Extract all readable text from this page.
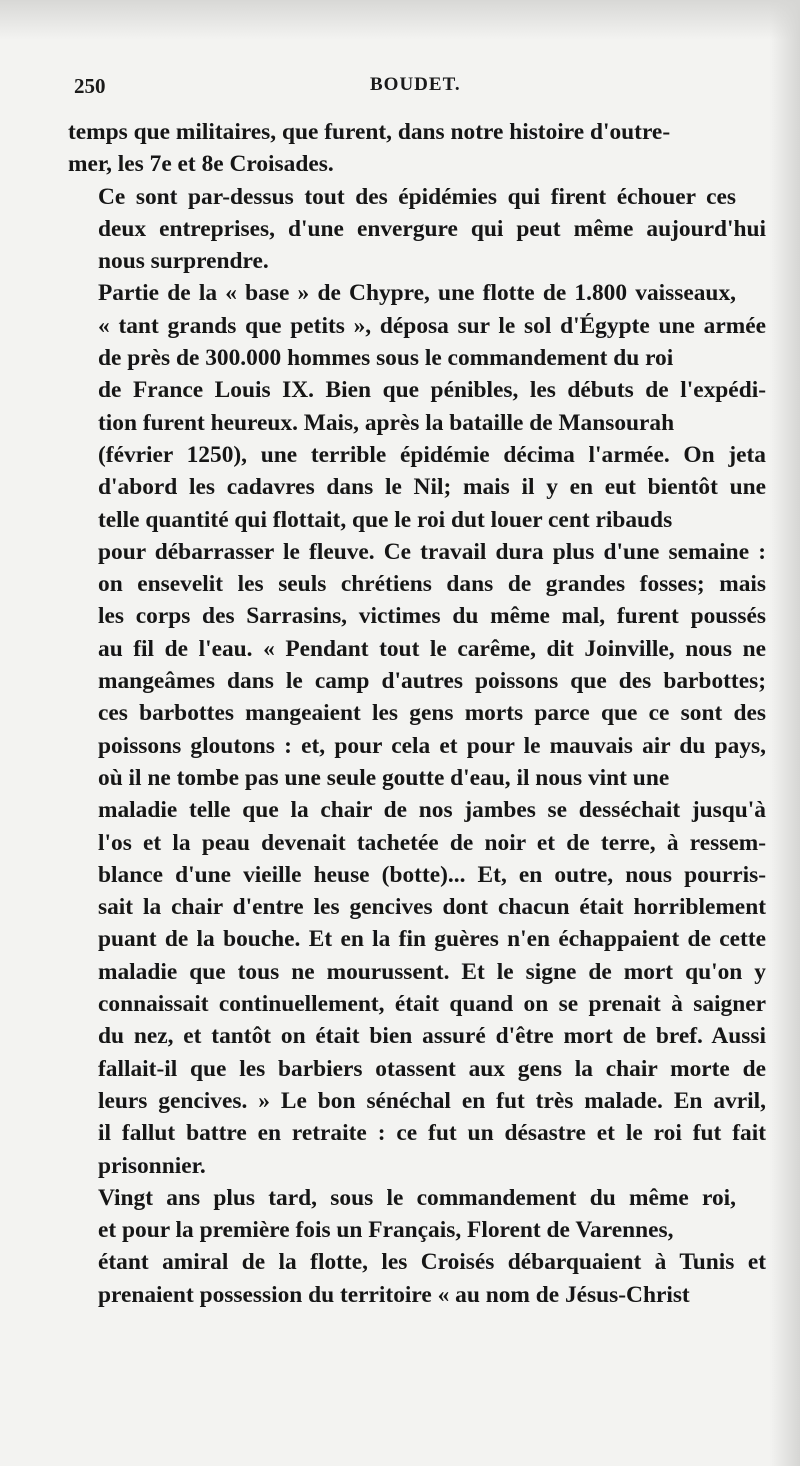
250	BOUDET.

temps que militaires, que furent, dans notre histoire d'outre-
mer, les 7e et 8e Croisades.

Ce sont par-dessus tout des épidémies qui firent échouer ces
deux entreprises, d'une envergure qui peut même aujourd'hui
nous surprendre.

Partie de la « base » de Chypre, une flotte de 1.800 vaisseaux,
« tant grands que petits », déposa sur le sol d'Égypte une armée
de près de 300.000 hommes sous le commandement du roi
de France Louis IX. Bien que pénibles, les débuts de l'expédi-
tion furent heureux. Mais, après la bataille de Mansourah
(février 1250), une terrible épidémie décima l'armée. On jeta
d'abord les cadavres dans le Nil; mais il y en eut bientôt une
telle quantité qui flottait, que le roi dut louer cent ribauds
pour débarrasser le fleuve. Ce travail dura plus d'une semaine :
on ensevelit les seuls chrétiens dans de grandes fosses; mais
les corps des Sarrasins, victimes du même mal, furent poussés
au fil de l'eau. « Pendant tout le carême, dit Joinville, nous ne
mangeâmes dans le camp d'autres poissons que des barbottes;
ces barbottes mangeaient les gens morts parce que ce sont des
poissons gloutons : et, pour cela et pour le mauvais air du pays,
où il ne tombe pas une seule goutte d'eau, il nous vint une
maladie telle que la chair de nos jambes se desséchait jusqu'à
l'os et la peau devenait tachetée de noir et de terre, à ressem-
blance d'une vieille heuse (botte)... Et, en outre, nous pourris-
sait la chair d'entre les gencives dont chacun était horriblement
puant de la bouche. Et en la fin guères n'en échappaient de cette
maladie que tous ne mourussent. Et le signe de mort qu'on y
connaissait continuellement, était quand on se prenait à saigner
du nez, et tantôt on était bien assuré d'être mort de bref. Aussi
fallait-il que les barbiers otassent aux gens la chair morte de
leurs gencives. » Le bon sénéchal en fut très malade. En avril,
il fallut battre en retraite : ce fut un désastre et le roi fut fait
prisonnier.

Vingt ans plus tard, sous le commandement du même roi,
et pour la première fois un Français, Florent de Varennes,
étant amiral de la flotte, les Croisés débarquaient à Tunis et
prenaient possession du territoire « au nom de Jésus-Christ
